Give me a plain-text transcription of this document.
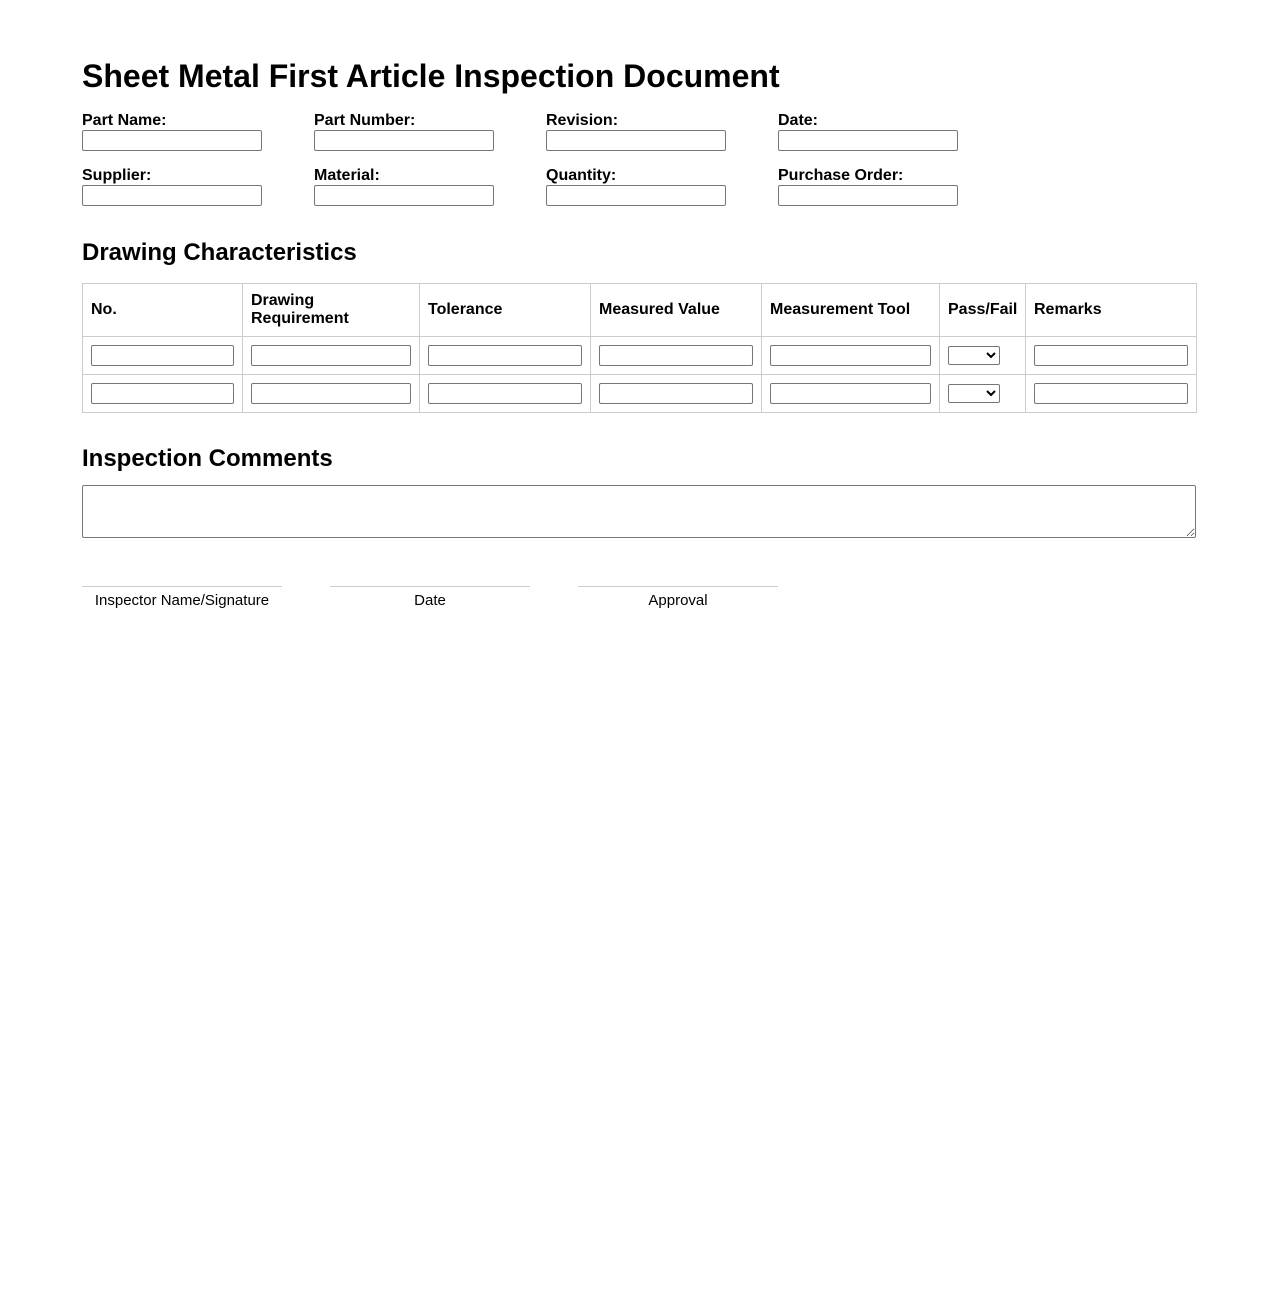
Sheet Metal First Article Inspection Document
Part Name:	Part Number:	Revision:	Date:
Supplier:	Material:	Quantity:	Purchase Order:
Drawing Characteristics
No.	Drawing Requirement	Tolerance	Measured Value	Measurement Tool	Pass/Fail	Remarks

Inspection Comments
Inspector Name/Signature	Date	Approval
